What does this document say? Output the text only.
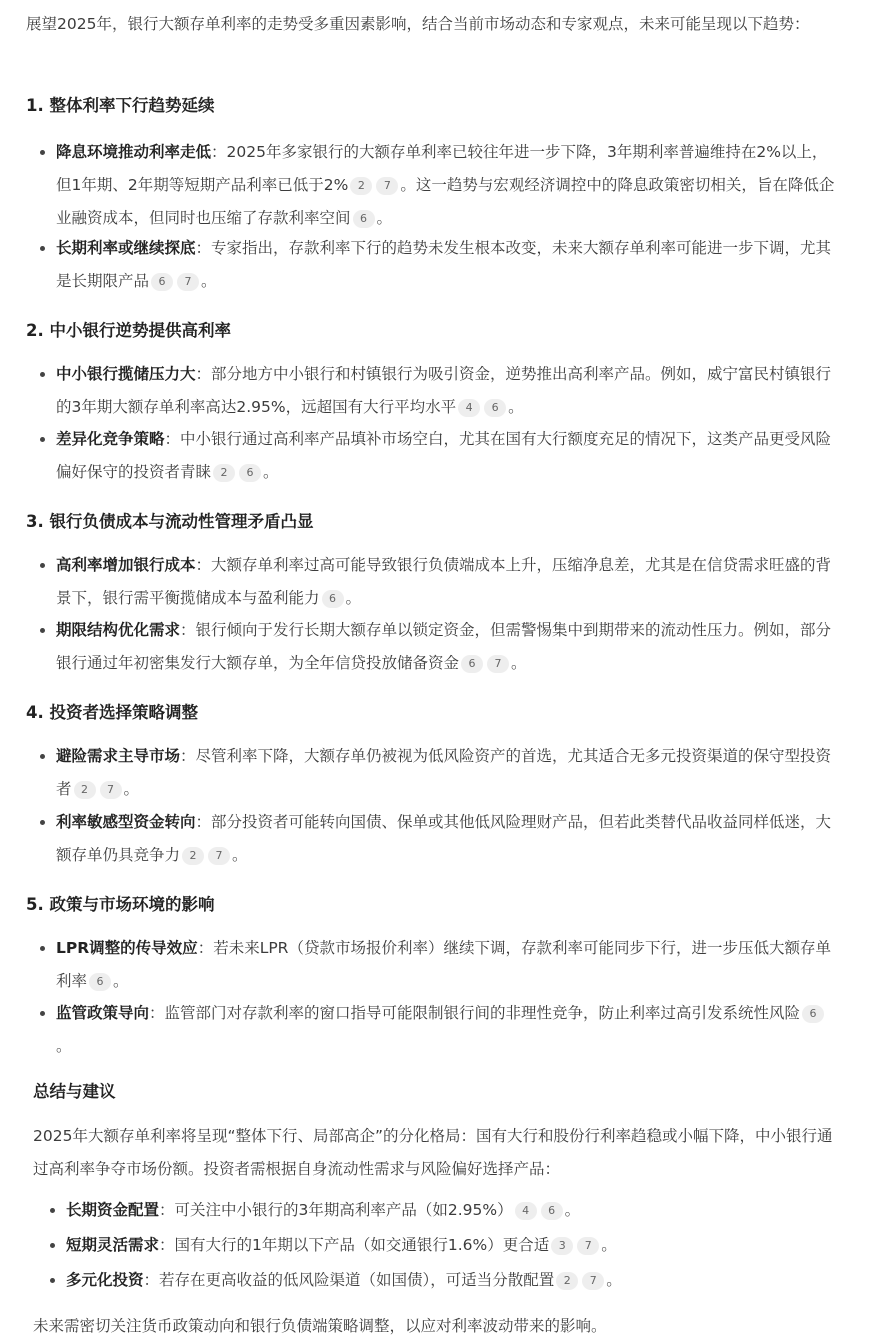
展望2025年，银行大额存单利率的走势受多重因素影响，结合当前市场动态和专家观点，未来可能呈现以下趋势：
1. 整体利率下行趋势延续
降息环境推动利率走低：2025年多家银行的大额存单利率已较往年进一步下降，3年期利率普遍维持在2%以上，但1年期、2年期等短期产品利率已低于2% 2 7 。这一趋势与宏观经济调控中的降息政策密切相关，旨在降低企业融资成本，但同时也压缩了存款利率空间 6 。
长期利率或继续探底：专家指出，存款利率下行的趋势未发生根本改变，未来大额存单利率可能进一步下调，尤其是长期限产品 6 7 。
2. 中小银行逆势提供高利率
中小银行揽储压力大：部分地方中小银行和村镇银行为吸引资金，逆势推出高利率产品。例如，威宁富民村镇银行的3年期大额存单利率高达2.95%，远超国有大行平均水平 4 6 。
差异化竞争策略：中小银行通过高利率产品填补市场空白，尤其在国有大行额度充足的情况下，这类产品更受风险偏好保守的投资者青睐 2 6 。
3. 银行负债成本与流动性管理矛盾凸显
高利率增加银行成本：大额存单利率过高可能导致银行负债端成本上升，压缩净息差，尤其是在信贷需求旺盛的背景下，银行需平衡揽储成本与盈利能力 6 。
期限结构优化需求：银行倾向于发行长期大额存单以锁定资金，但需警惕集中到期带来的流动性压力。例如，部分银行通过年初密集发行大额存单，为全年信贷投放储备资金 6 7 。
4. 投资者选择策略调整
避险需求主导市场：尽管利率下降，大额存单仍被视为低风险资产的首选，尤其适合无多元投资渠道的保守型投资者 2 7 。
利率敏感型资金转向：部分投资者可能转向国债、保单或其他低风险理财产品，但若此类替代品收益同样低迷，大额存单仍具竞争力 2 7 。
5. 政策与市场环境的影响
LPR调整的传导效应：若未来LPR（贷款市场报价利率）继续下调，存款利率可能同步下行，进一步压低大额存单利率 6 。
监管政策导向：监管部门对存款利率的窗口指导可能限制银行间的非理性竞争，防止利率过高引发系统性风险 6。
总结与建议
2025年大额存单利率将呈现“整体下行、局部高企”的分化格局：国有大行和股份行利率趋稳或小幅下降，中小银行通过高利率争夺市场份额。投资者需根据自身流动性需求与风险偏好选择产品：
长期资金配置：可关注中小银行的3年期高利率产品（如2.95%） 4 6 。
短期灵活需求：国有大行的1年期以下产品（如交通银行1.6%）更合适 3 7 。
多元化投资：若存在更高收益的低风险渠道（如国债），可适当分散配置 2 7 。
未来需密切关注货币政策动向和银行负债端策略调整，以应对利率波动带来的影响。
